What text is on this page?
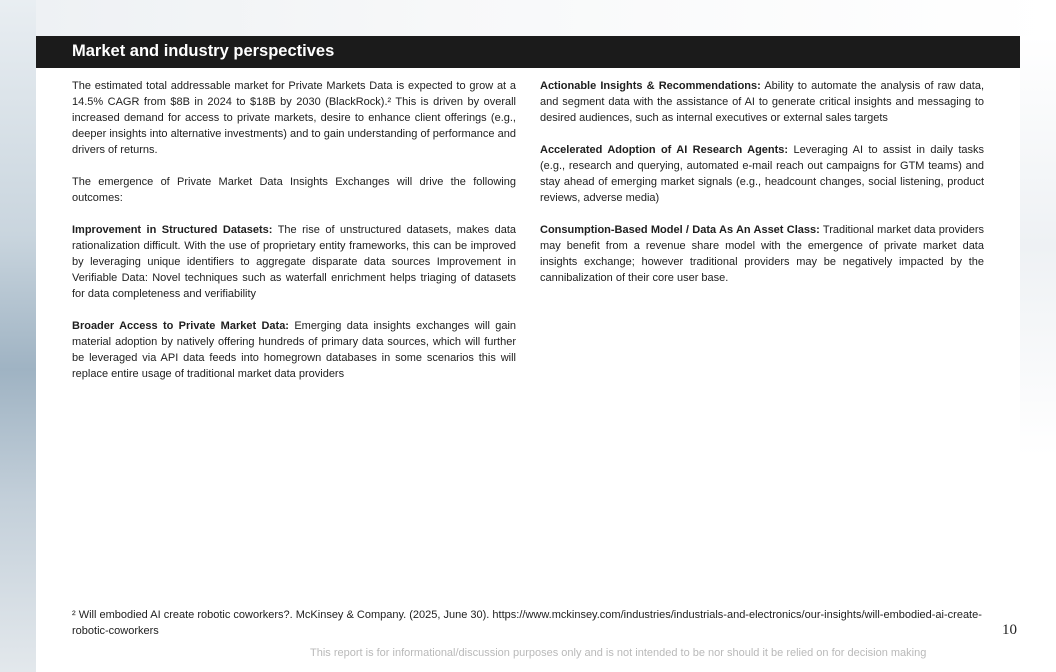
Market and industry perspectives

The estimated total addressable market for Private Markets Data is expected to grow at a 14.5% CAGR from $8B in 2024 to $18B by 2030 (BlackRock).² This is driven by overall increased demand for access to private markets, desire to enhance client offerings (e.g., deeper insights into alternative investments) and to gain understanding of performance and drivers of returns.

The emergence of Private Market Data Insights Exchanges will drive the following outcomes:

Improvement in Structured Datasets: The rise of unstructured datasets, makes data rationalization difficult. With the use of proprietary entity frameworks, this can be improved by leveraging unique identifiers to aggregate disparate data sources Improvement in Verifiable Data: Novel techniques such as waterfall enrichment helps triaging of datasets for data completeness and verifiability

Broader Access to Private Market Data: Emerging data insights exchanges will gain material adoption by natively offering hundreds of primary data sources, which will further be leveraged via API data feeds into homegrown databases in some scenarios this will replace entire usage of traditional market data providers

Actionable Insights & Recommendations: Ability to automate the analysis of raw data, and segment data with the assistance of AI to generate critical insights and messaging to desired audiences, such as internal executives or external sales targets

Accelerated Adoption of AI Research Agents: Leveraging AI to assist in daily tasks (e.g., research and querying, automated e-mail reach out campaigns for GTM teams) and stay ahead of emerging market signals (e.g., headcount changes, social listening, product reviews, adverse media)

Consumption-Based Model / Data As An Asset Class: Traditional market data providers may benefit from a revenue share model with the emergence of private market data insights exchange; however traditional providers may be negatively impacted by the cannibalization of their core user base.

² Will embodied AI create robotic coworkers?. McKinsey & Company. (2025, June 30). https://www.mckinsey.com/industries/industrials-and-electronics/our-insights/will-embodied-ai-create-robotic-coworkers	10
This report is for informational/discussion purposes only and is not intended to be nor should it be relied on for decision making
